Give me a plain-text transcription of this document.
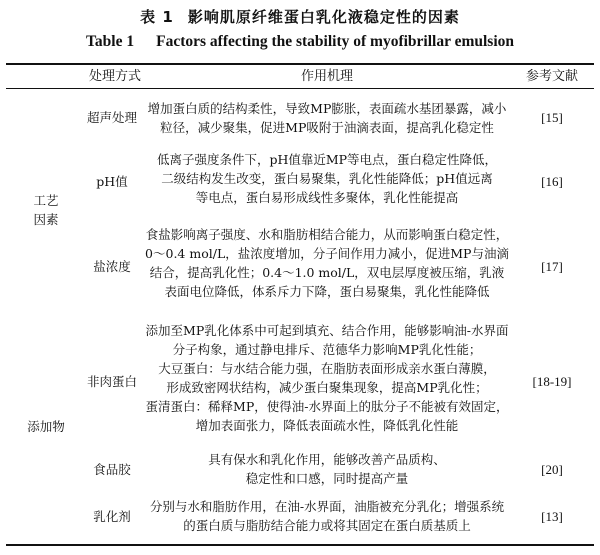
表 1 影响肌原纤维蛋白乳化液稳定性的因素
Table 1 Factors affecting the stability of myofibrillar emulsion
处理方式	作用机理	参考文献
工艺
因素
添加物
超声处理
增加蛋白质的结构柔性，导致MP膨胀，表面疏水基团暴露，减小
粒径，减少聚集，促进MP吸附于油滴表面，提高乳化稳定性
[15]
pH值
低离子强度条件下，pH值靠近MP等电点，蛋白稳定性降低，
二级结构发生改变，蛋白易聚集，乳化性能降低；pH值远离
等电点，蛋白易形成线性多聚体，乳化性能提高
[16]
盐浓度
食盐影响离子强度、水和脂肪相结合能力，从而影响蛋白稳定性，
0～0.4 mol/L，盐浓度增加，分子间作用力减小，促进MP与油滴
结合，提高乳化性；0.4～1.0 mol/L，双电层厚度被压缩，乳液
表面电位降低，体系斥力下降，蛋白易聚集，乳化性能降低
[17]
非肉蛋白
添加至MP乳化体系中可起到填充、结合作用，能够影响油-水界面
分子构象，通过静电排斥、范德华力影响MP乳化性能；
大豆蛋白：与水结合能力强，在脂肪表面形成亲水蛋白薄膜，
形成致密网状结构，减少蛋白聚集现象，提高MP乳化性；
蛋清蛋白：稀释MP，使得油-水界面上的肽分子不能被有效固定，
增加表面张力，降低表面疏水性，降低乳化性能
[18-19]
食品胶
具有保水和乳化作用，能够改善产品质构、
稳定性和口感，同时提高产量
[20]
乳化剂
分别与水和脂肪作用，在油-水界面，油脂被充分乳化；增强系统
的蛋白质与脂肪结合能力或将其固定在蛋白质基质上
[13]
